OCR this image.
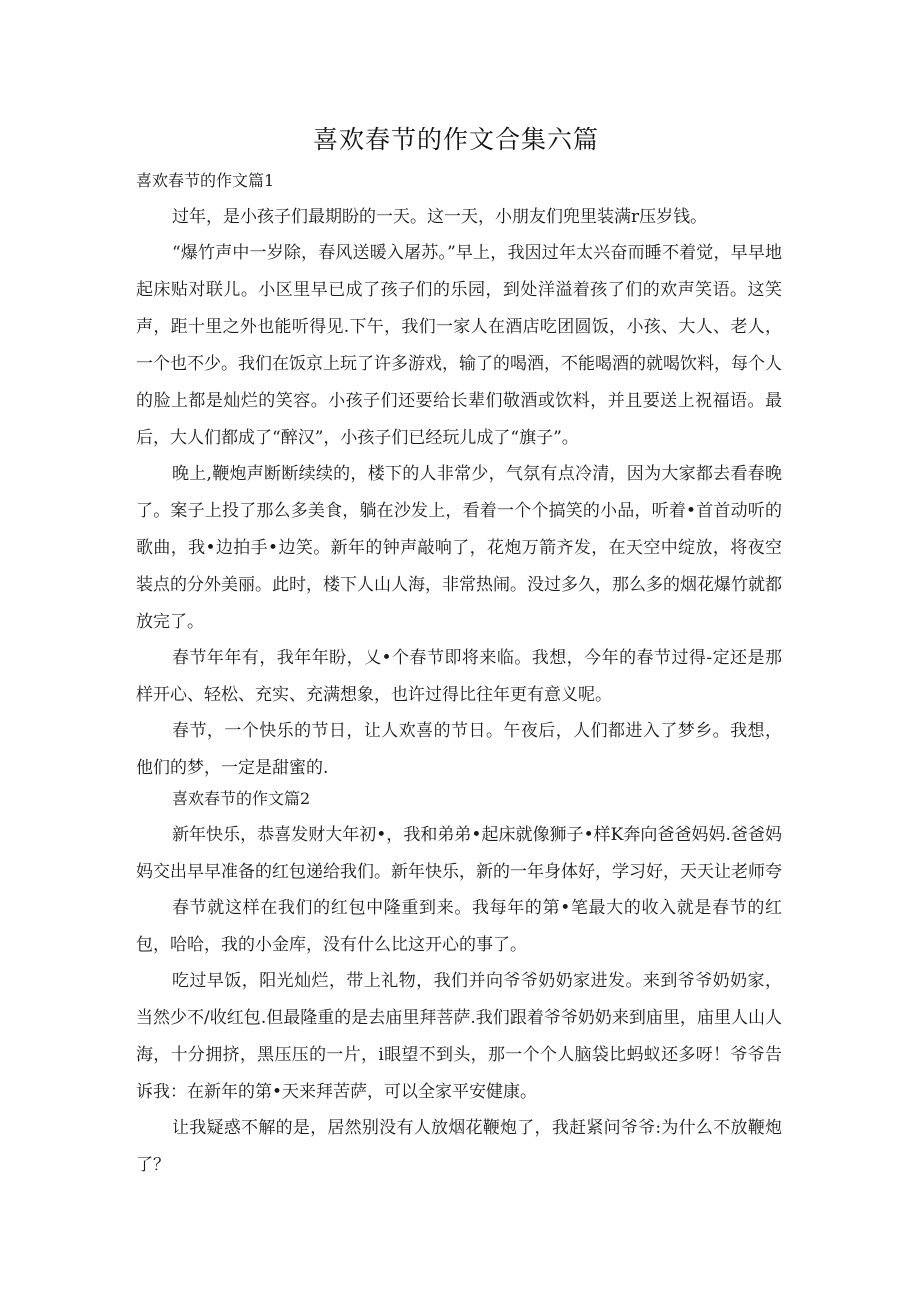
喜欢春节的作文合集六篇
喜欢春节的作文篇1

过年，是小孩子们最期盼的一天。这一天，小朋友们兜里装满r压岁钱。

“爆竹声中一岁除，春风送暖入屠苏。”早上，我因过年太兴奋而睡不着觉，早早地起床贴对联儿。小区里早已成了孩子们的乐园，到处洋溢着孩了们的欢声笑语。这笑声，距十里之外也能听得见.下午，我们一家人在酒店吃团圆饭，小孩、大人、老人，一个也不少。我们在饭京上玩了许多游戏，输了的喝酒，不能喝酒的就喝饮料，每个人的脸上都是灿烂的笑容。小孩子们还要给长辈们敬酒或饮料，并且要送上祝福语。最后，大人们都成了“醉汉”，小孩子们已经玩儿成了“旗子”。

晚上,鞭炮声断断续续的，楼下的人非常少，气氛有点冷清，因为大家都去看春晚了。案子上投了那么多美食，躺在沙发上，看着一个个搞笑的小品，听着•首首动听的歌曲，我•边拍手•边笑。新年的钟声敲响了，花炮万箭齐发，在天空中绽放，将夜空装点的分外美丽。此时，楼下人山人海，非常热闹。没过多久，那么多的烟花爆竹就都放完了。

春节年年有，我年年盼，乂•个春节即将来临。我想，今年的春节过得-定还是那样开心、轻松、充实、充满想象，也许过得比往年更有意义呢。

春节，一个快乐的节日，让人欢喜的节日。午夜后，人们都进入了梦乡。我想，他们的梦，一定是甜蜜的.

喜欢春节的作文篇2

新年快乐，恭喜发财大年初•，我和弟弟•起床就像狮子•样K奔向爸爸妈妈.爸爸妈妈交出早早准备的红包递给我们。新年快乐，新的一年身体好，学习好，天天让老师夸

春节就这样在我们的红包中隆重到来。我每年的第•笔最大的收入就是春节的红包，哈哈，我的小金库，没有什么比这开心的事了。

吃过早饭，阳光灿烂，带上礼物，我们并向爷爷奶奶家进发。来到爷爷奶奶家，当然少不/收红包.但最隆重的是去庙里拜菩萨.我们跟着爷爷奶奶来到庙里，庙里人山人海，十分拥挤，黑压压的一片，i眼望不到头，那一个个人脑袋比蚂蚁还多呀！爷爷告诉我：在新年的第•天来拜苦萨，可以全家平安健康。

让我疑惑不解的是，居然别没有人放烟花鞭炮了，我赶紧问爷爷:为什么不放鞭炮了？
